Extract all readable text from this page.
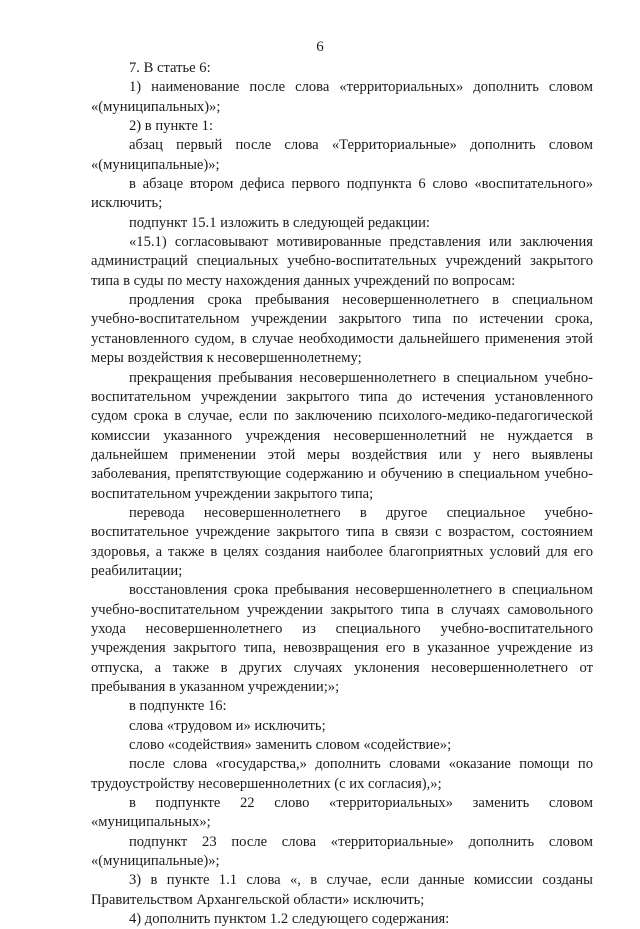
6

7. В статье 6:

1) наименование после слова «территориальных» дополнить словом «(муниципальных)»;

2) в пункте 1:

абзац первый после слова «Территориальные» дополнить словом «(муниципальные)»;

в абзаце втором дефиса первого подпункта 6 слово «воспитательного» исключить;

подпункт 15.1 изложить в следующей редакции:

«15.1) согласовывают мотивированные представления или заключения администраций специальных учебно-воспитательных учреждений закрытого типа в суды по месту нахождения данных учреждений по вопросам:

продления срока пребывания несовершеннолетнего в специальном учебно-воспитательном учреждении закрытого типа по истечении срока, установленного судом, в случае необходимости дальнейшего применения этой меры воздействия к несовершеннолетнему;

прекращения пребывания несовершеннолетнего в специальном учебно-воспитательном учреждении закрытого типа до истечения установленного судом срока в случае, если по заключению психолого-медико-педагогической комиссии указанного учреждения несовершеннолетний не нуждается в дальнейшем применении этой меры воздействия или у него выявлены заболевания, препятствующие содержанию и обучению в специальном учебно-воспитательном учреждении закрытого типа;

перевода несовершеннолетнего в другое специальное учебно-воспитательное учреждение закрытого типа в связи с возрастом, состоянием здоровья, а также в целях создания наиболее благоприятных условий для его реабилитации;

восстановления срока пребывания несовершеннолетнего в специальном учебно-воспитательном учреждении закрытого типа в случаях самовольного ухода несовершеннолетнего из специального учебно-воспитательного учреждения закрытого типа, невозвращения его в указанное учреждение из отпуска, а также в других случаях уклонения несовершеннолетнего от пребывания в указанном учреждении;»;

в подпункте 16:

слова «трудовом и» исключить;

слово «содействия» заменить словом «содействие»;

после слова «государства,» дополнить словами «оказание помощи по трудоустройству несовершеннолетних (с их согласия),»;

в подпункте 22 слово «территориальных» заменить словом «муниципальных»;

подпункт 23 после слова «территориальные» дополнить словом «(муниципальные)»;

3) в пункте 1.1 слова «, в случае, если данные комиссии созданы Правительством Архангельской области» исключить;

4) дополнить пунктом 1.2 следующего содержания:
